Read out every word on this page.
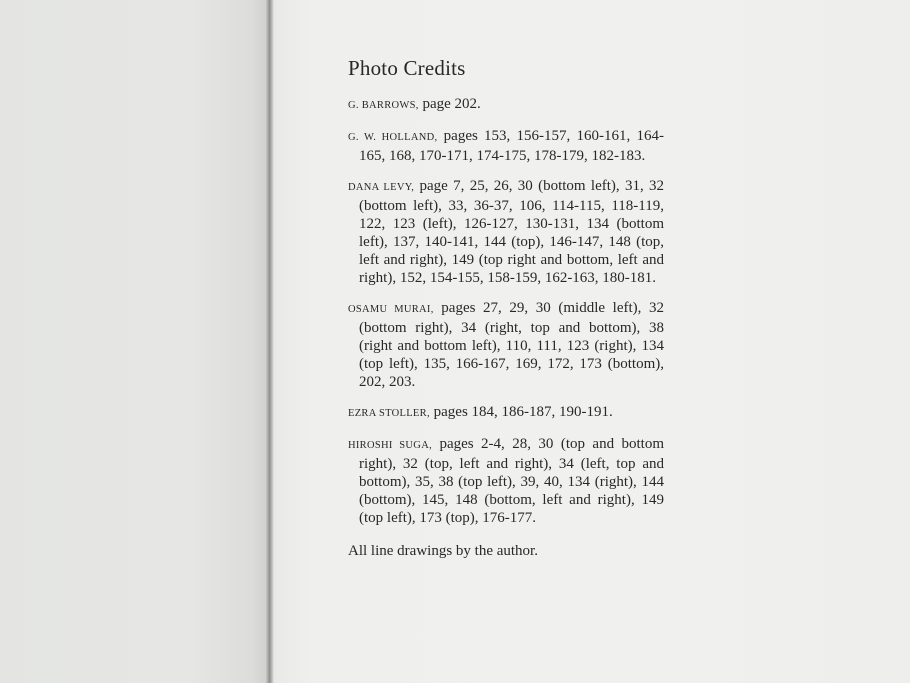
Photo Credits

G. BARROWS, page 202.

G. W. HOLLAND, pages 153, 156-157, 160-161, 164-165, 168, 170-171, 174-175, 178-179, 182-183.

DANA LEVY, page 7, 25, 26, 30 (bottom left), 31, 32 (bottom left), 33, 36-37, 106, 114-115, 118-119, 122, 123 (left), 126-127, 130-131, 134 (bottom left), 137, 140-141, 144 (top), 146-147, 148 (top, left and right), 149 (top right and bottom, left and right), 152, 154-155, 158-159, 162-163, 180-181.

OSAMU MURAI, pages 27, 29, 30 (middle left), 32 (bottom right), 34 (right, top and bottom), 38 (right and bottom left), 110, 111, 123 (right), 134 (top left), 135, 166-167, 169, 172, 173 (bottom), 202, 203.

EZRA STOLLER, pages 184, 186-187, 190-191.

HIROSHI SUGA, pages 2-4, 28, 30 (top and bottom right), 32 (top, left and right), 34 (left, top and bottom), 35, 38 (top left), 39, 40, 134 (right), 144 (bottom), 145, 148 (bottom, left and right), 149 (top left), 173 (top), 176-177.

All line drawings by the author.
